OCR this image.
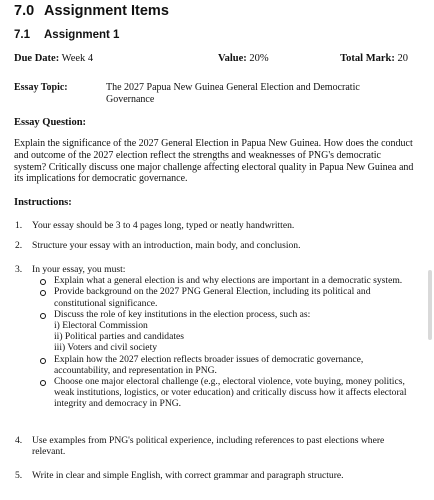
7.0 Assignment Items
7.1 Assignment 1
Due Date: Week 4	Value: 20%	Total Mark: 20
Essay Topic:	The 2027 Papua New Guinea General Election and Democratic Governance
Essay Question:
Explain the significance of the 2027 General Election in Papua New Guinea. How does the conduct and outcome of the 2027 election reflect the strengths and weaknesses of PNG's democratic system? Critically discuss one major challenge affecting electoral quality in Papua New Guinea and its implications for democratic governance.
Instructions:
1. Your essay should be 3 to 4 pages long, typed or neatly handwritten.
2. Structure your essay with an introduction, main body, and conclusion.
3. In your essay, you must:
Explain what a general election is and why elections are important in a democratic system.
Provide background on the 2027 PNG General Election, including its political and constitutional significance.
Discuss the role of key institutions in the election process, such as:
i) Electoral Commission
ii) Political parties and candidates
iii) Voters and civil society
Explain how the 2027 election reflects broader issues of democratic governance, accountability, and representation in PNG.
Choose one major electoral challenge (e.g., electoral violence, vote buying, money politics, weak institutions, logistics, or voter education) and critically discuss how it affects electoral integrity and democracy in PNG.
4. Use examples from PNG's political experience, including references to past elections where relevant.
5. Write in clear and simple English, with correct grammar and paragraph structure.
